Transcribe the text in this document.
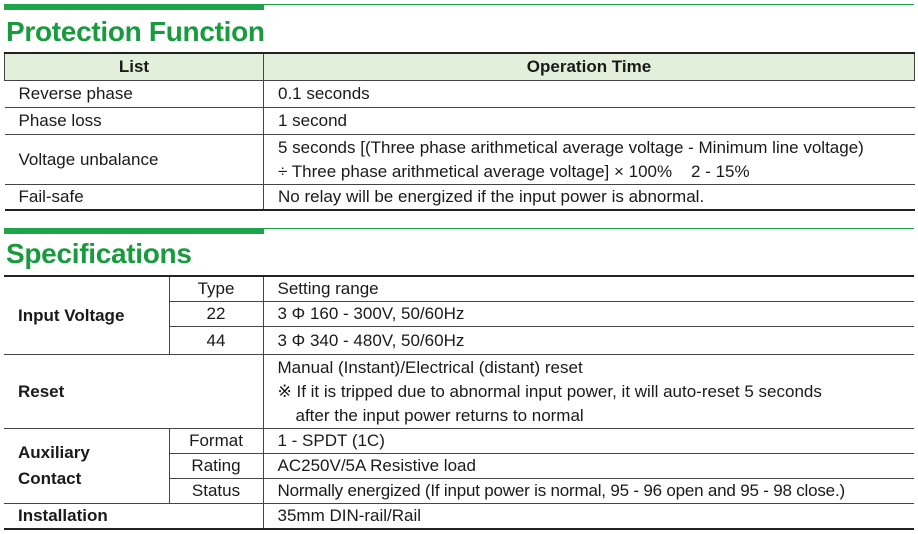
Protection Function
List	Operation Time
Reverse phase	0.1 seconds
Phase loss	1 second
Voltage unbalance	5 seconds [(Three phase arithmetical average voltage - Minimum line voltage)
÷ Three phase arithmetical average voltage] × 100%    2 - 15%

Fail-safe	No relay will be energized if the input power is abnormal.
Specifications
Input Voltage	Type	Setting range
	22	3 Φ 160 - 300V, 50/60Hz
	44	3 Φ 340 - 480V, 50/60Hz
Reset		Manual (Instant)/Electrical (distant) reset
※ If it is tripped due to abnormal input power, it will auto-reset 5 seconds
after the input power returns to normal

Auxiliary
Contact	Format	1 - SPDT (1C)
	Rating	AC250V/5A Resistive load
	Status	Normally energized (If input power is normal, 95 - 96 open and 95 - 98 close.)
Installation		35mm DIN-rail/Rail
